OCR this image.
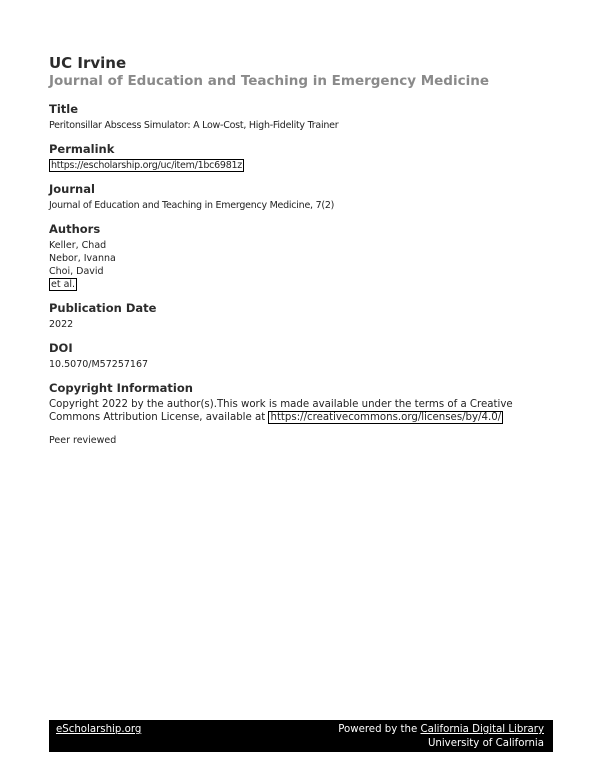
UC Irvine
Journal of Education and Teaching in Emergency Medicine
Title
Peritonsillar Abscess Simulator: A Low-Cost, High-Fidelity Trainer
Permalink
https://escholarship.org/uc/item/1bc6981z
Journal
Journal of Education and Teaching in Emergency Medicine, 7(2)
Authors
Keller, Chad
Nebor, Ivanna
Choi, David
et al.
Publication Date
2022
DOI
10.5070/M57257167
Copyright Information
Copyright 2022 by the author(s).This work is made available under the terms of a Creative Commons Attribution License, available at https://creativecommons.org/licenses/by/4.0/
Peer reviewed
eScholarship.org	Powered by the California Digital Library
University of California
